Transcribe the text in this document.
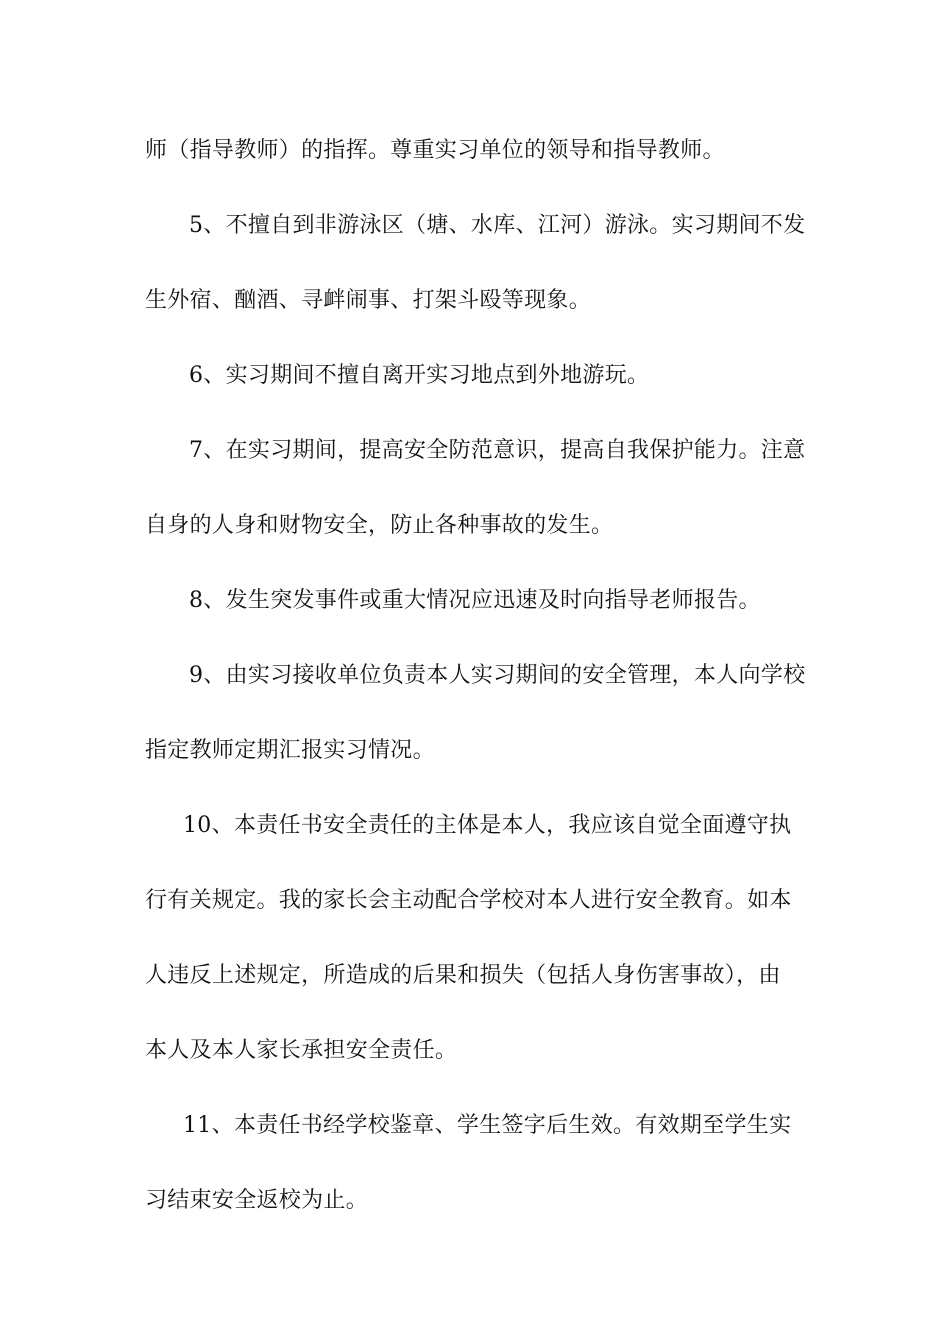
师（指导教师）的指挥。尊重实习单位的领导和指导教师。
5、不擅自到非游泳区（塘、水库、江河）游泳。实习期间不发
生外宿、酗酒、寻衅闹事、打架斗殴等现象。
6、实习期间不擅自离开实习地点到外地游玩。
7、在实习期间，提高安全防范意识，提高自我保护能力。注意
自身的人身和财物安全，防止各种事故的发生。
8、发生突发事件或重大情况应迅速及时向指导老师报告。
9、由实习接收单位负责本人实习期间的安全管理，本人向学校
指定教师定期汇报实习情况。
10、本责任书安全责任的主体是本人，我应该自觉全面遵守执
行有关规定。我的家长会主动配合学校对本人进行安全教育。如本
人违反上述规定，所造成的后果和损失（包括人身伤害事故），由
本人及本人家长承担安全责任。
11、本责任书经学校鉴章、学生签字后生效。有效期至学生实
习结束安全返校为止。
